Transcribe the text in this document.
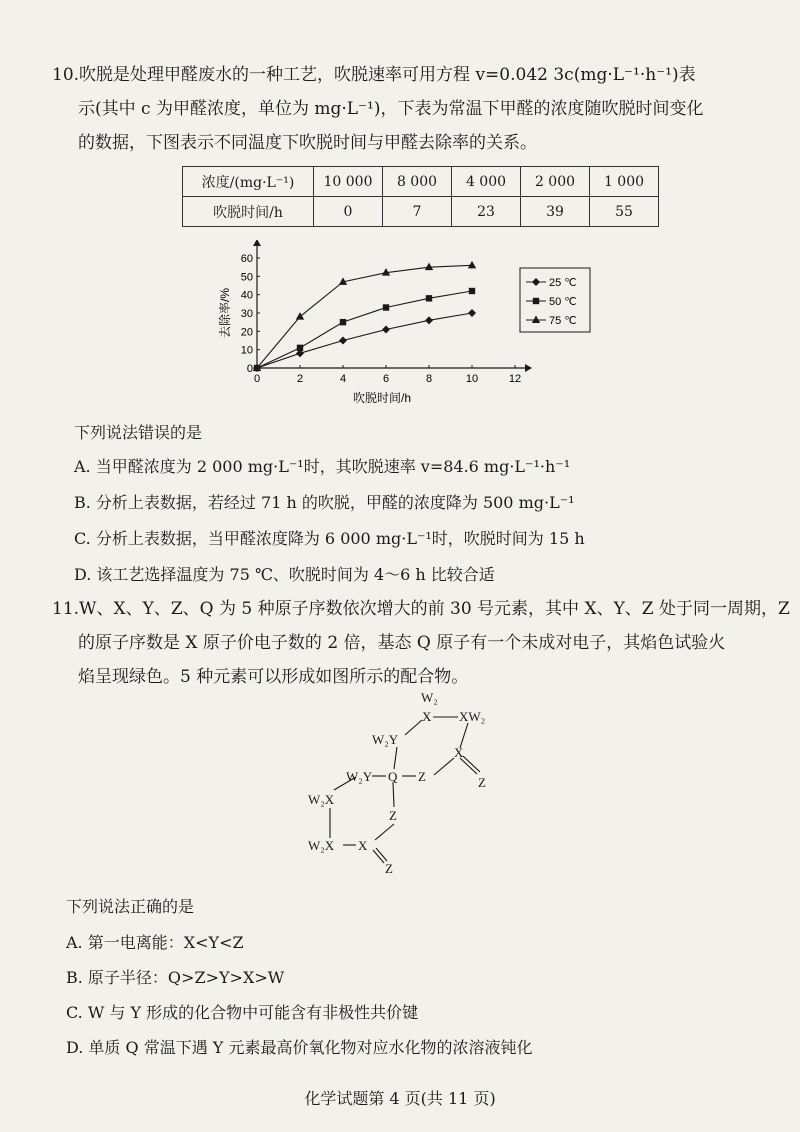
10.吹脱是处理甲醛废水的一种工艺，吹脱速率可用方程 v=0.042 3c(mg·L⁻¹·h⁻¹)表
示(其中 c 为甲醛浓度，单位为 mg·L⁻¹)，下表为常温下甲醛的浓度随吹脱时间变化
的数据，下图表示不同温度下吹脱时间与甲醛去除率的关系。
浓度/(mg·L⁻¹)	10 000	8 000	4 000	2 000	1 000
吹脱时间/h	0	7	23	39	55
0	2	4	6	8	10	12
0
10
20
30
40
50
60
吹脱时间/h
去除率/%
25 ℃
50 ℃
75 ℃
下列说法错误的是
A. 当甲醛浓度为 2 000 mg·L⁻¹时，其吹脱速率 v=84.6 mg·L⁻¹·h⁻¹
B. 分析上表数据，若经过 71 h 的吹脱，甲醛的浓度降为 500 mg·L⁻¹
C. 分析上表数据，当甲醛浓度降为 6 000 mg·L⁻¹时，吹脱时间为 15 h
D. 该工艺选择温度为 75 ℃、吹脱时间为 4～6 h 比较合适
11.W、X、Y、Z、Q 为 5 种原子序数依次增大的前 30 号元素，其中 X、Y、Z 处于同一周期，Z
的原子序数是 X 原子价电子数的 2 倍，基态 Q 原子有一个未成对电子，其焰色试验火
焰呈现绿色。5 种元素可以形成如图所示的配合物。
W₂
X XW₂
W₂Y
X
Z
W₂Y Q Z
Z
W₂X
W₂X X
Z
下列说法正确的是
A. 第一电离能：X<Y<Z
B. 原子半径：Q>Z>Y>X>W
C. W 与 Y 形成的化合物中可能含有非极性共价键
D. 单质 Q 常温下遇 Y 元素最高价氧化物对应水化物的浓溶液钝化
化学试题第 4 页(共 11 页)
